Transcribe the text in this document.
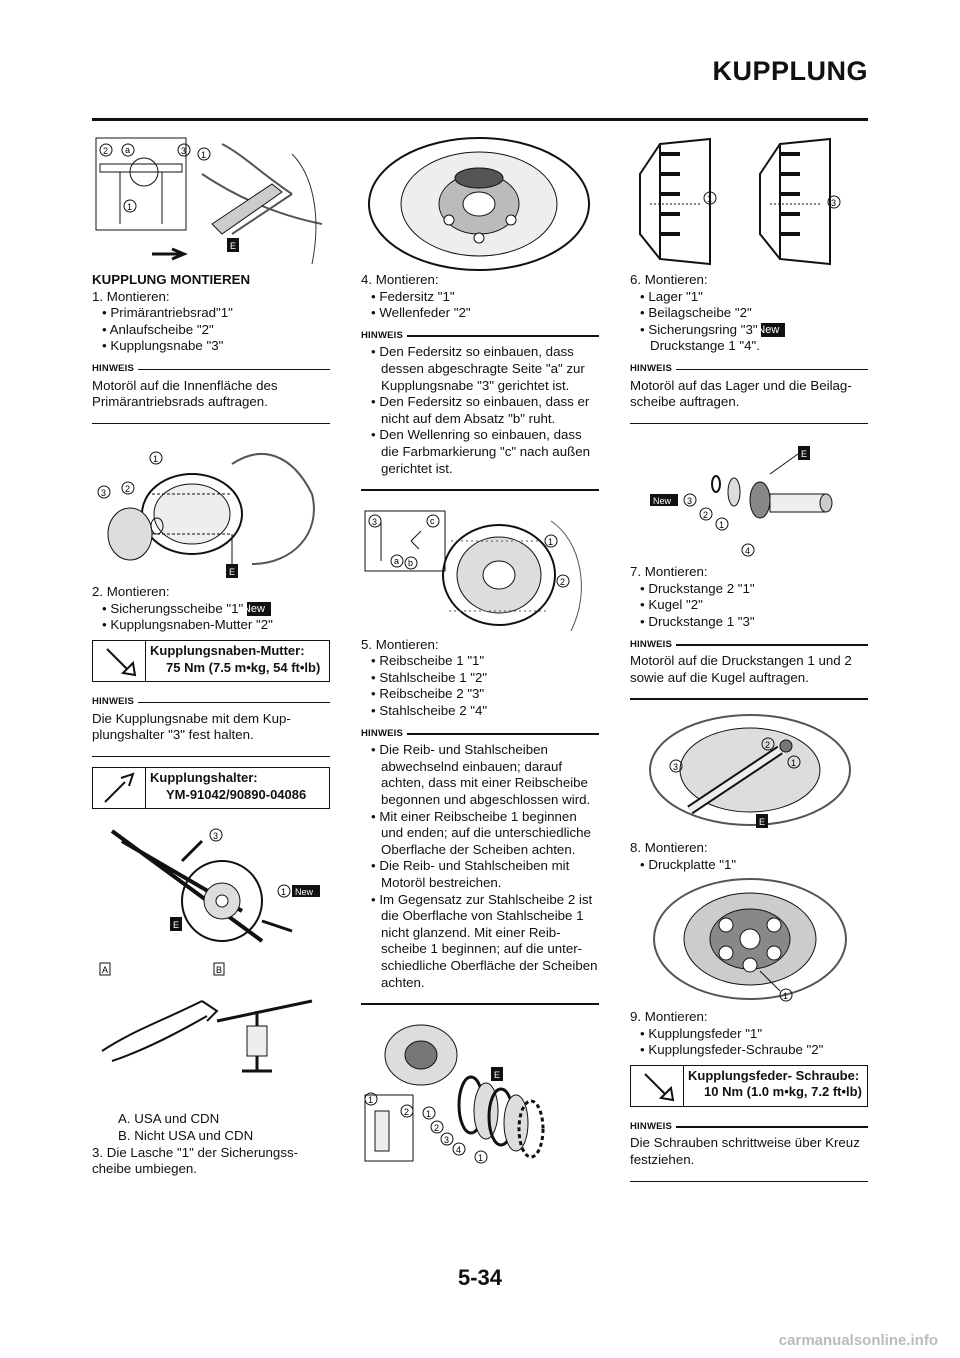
KUPPLUNG
2 a	3 1
1
E

KUPPLUNG MONTIEREN

1. Montieren:

• Primärantriebsrad"1"

• Anlaufscheibe "2"

• Kupplungsnabe "3"

HINWEIS

Motoröl auf die Innenfläche des Primärantriebsrads auftragen.

1
2
3
E

2. Montieren:

• Sicherungsscheibe "1" New

• Kupplungsnaben-Mutter "2"

Kupplungsnaben-Mutter:
75 Nm (7.5 m•kg, 54 ft•lb)

HINWEIS

Die Kupplungsnabe mit dem Kup- plungshalter "3" fest halten.

Kupplungshalter:
YM-91042/90890-04086
3
1 New
E
A	B

A. USA und CDN

B. Nicht USA und CDN

3. Die Lasche "1" der Sicherungss- cheibe umbiegen.

4. Montieren:

• Federsitz "1"

• Wellenfeder "2"

HINWEIS

• Den Federsitz so einbauen, dass dessen abgeschragte Seite "a" zur Kupplungsnabe "3" gerichtet ist.

• Den Federsitz so einbauen, dass er nicht auf dem Absatz "b" ruht.

• Den Wellenring so einbauen, dass die Farbmarkierung "c" nach außen gerichtet ist.

3	c
a b
1
2

5. Montieren:

• Reibscheibe 1 "1"

• Stahlscheibe 1 "2"

• Reibscheibe 2 "3"

• Stahlscheibe 2 "4"

HINWEIS

• Die Reib- und Stahlscheiben abwechselnd einbauen; darauf achten, dass mit einer Reibscheibe begonnen und abgeschlossen wird.

• Mit einer Reibscheibe 1 beginnen und enden; auf die unterschiedliche Oberflache der Scheiben achten.

• Die Reib- und Stahlscheiben mit Motoröl bestreichen.

• Im Gegensatz zur Stahlscheibe 2 ist die Oberflache von Stahlscheibe 1 nicht glanzend. Mit einer Reib- scheibe 1 beginnen; auf die unter- schiedliche Oberfläche der Scheiben achten.

1
2 1
2
3
4
1
E
1	3

6. Montieren:

• Lager "1"

• Beilagscheibe "2"

• Sicherungsring "3" New

Druckstange 1 "4".

HINWEIS

Motoröl auf das Lager und die Beilag- scheibe auftragen.

New 3
2
1
E
4

7. Montieren:

• Druckstange 2 "1"

• Kugel "2"

• Druckstange 1 "3"

HINWEIS

Motoröl auf die Druckstangen 1 und 2 sowie auf die Kugel auftragen.

3
2
1
E

8. Montieren:

• Druckplatte "1"

1

9. Montieren:

• Kupplungsfeder "1"

• Kupplungsfeder-Schraube "2"

Kupplungsfeder- Schraube:
10 Nm (1.0 m•kg, 7.2 ft•lb)

HINWEIS

Die Schrauben schrittweise über Kreuz festziehen.

5-34
carmanualsonline.info
